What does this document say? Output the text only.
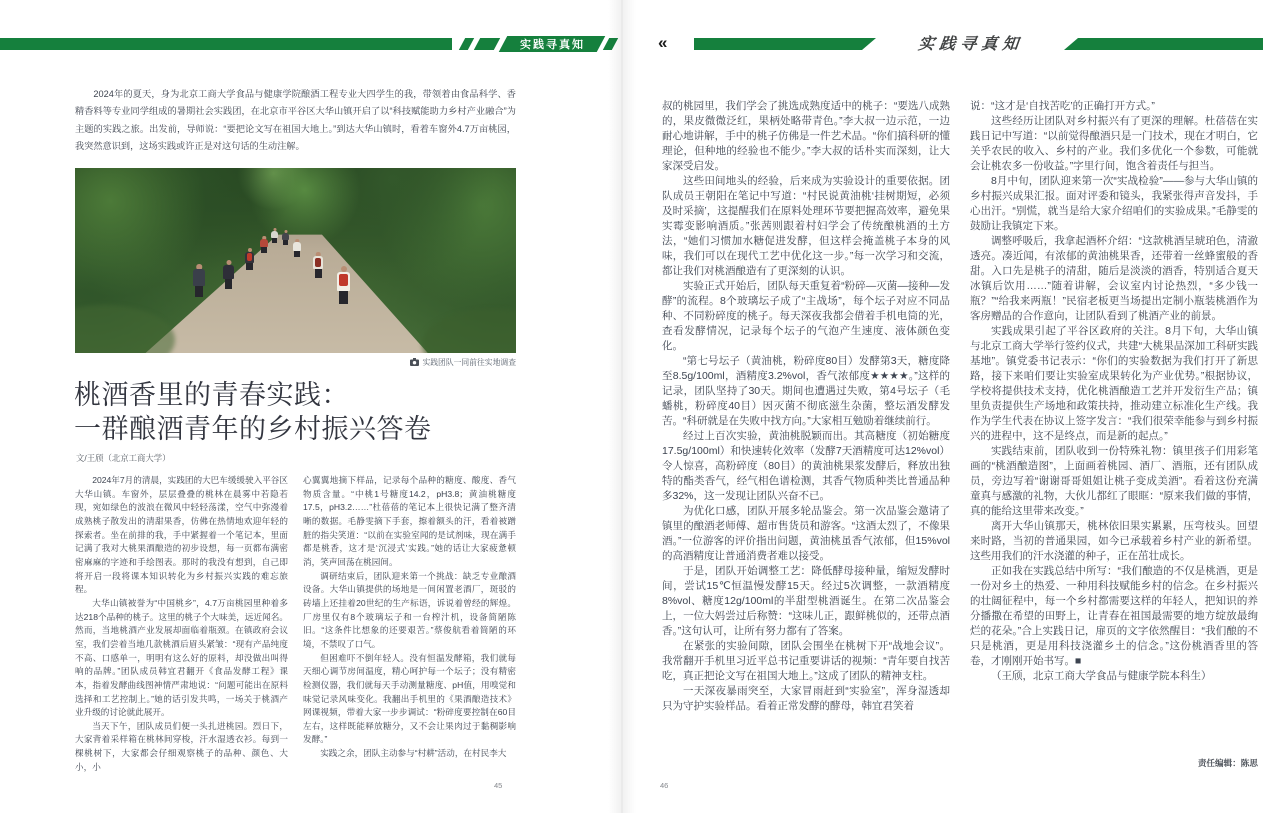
实践寻真知	«	实践寻真知
2024年的夏天，身为北京工商大学食品与健康学院酿酒工程专业大四学生的我，带领着由食品科学、香精香料等专业同学组成的暑期社会实践团，在北京市平谷区大华山镇开启了以“科技赋能助力乡村产业融合”为主题的实践之旅。出发前，导师说：“要把论文写在祖国大地上。”到达大华山镇时，看着车窗外4.7万亩桃园，我突然意识到，这场实践或许正是对这句话的生动注解。
实践团队一同前往实地调查
桃酒香里的青春实践：
一群酿酒青年的乡村振兴答卷
文/王颀（北京工商大学）

2024年7月的清晨，实践团的大巴车缓缓驶入平谷区大华山镇。车窗外，层层叠叠的桃林在晨雾中若隐若现，宛如绿色的波浪在微风中轻轻荡漾，空气中弥漫着成熟桃子散发出的清甜果香，仿佛在热情地欢迎年轻的探索者。坐在前排的我，手中紧握着一个笔记本，里面记满了我对大桃果酒酿造的初步设想，每一页都布满密密麻麻的字迹和手绘图表。那时的我没有想到，自己即将开启一段将课本知识转化为乡村振兴实践的难忘旅程。

大华山镇被誉为“中国桃乡”，4.7万亩桃园里种着多达218个品种的桃子。这里的桃子个大味美，远近闻名。然而，当地桃酒产业发展却面临着瓶颈。在镇政府会议室，我们尝着当地几款桃酒后眉头紧皱：“现有产品纯度不高、口感单一，明明有这么好的原料，却没做出叫得响的品牌。”团队成员韩宜君翻开《食品发酵工程》课本，指着发酵曲线图神情严肃地说：“问题可能出在原料选择和工艺控制上。”她的话引发共鸣，一场关于桃酒产业升级的讨论就此展开。

当天下午，团队成员们便一头扎进桃园。烈日下，大家背着采样箱在桃林间穿梭，汗水湿透衣衫。每到一棵桃树下，大家都会仔细观察桃子的品种、颜色、大小，小

心翼翼地摘下样品，记录每个品种的糖度、酸度、香气物质含量。“中桃1号糖度14.2，pH3.8；黄油桃糖度17.5，pH3.2……”杜蓓蓓的笔记本上很快记满了整齐清晰的数据。毛静雯摘下手套，擦着额头的汗，看着被蹭脏的指尖笑道：“以前在实验室闻的是试剂味，现在满手都是桃香，这才是‘沉浸式’实践。”她的话让大家疲惫顿消，笑声回荡在桃园间。

调研结束后，团队迎来第一个挑战：缺乏专业酿酒设备。大华山镇提供的场地是一间闲置老酒厂，斑驳的砖墙上还挂着20世纪的生产标语，诉说着曾经的辉煌。厂房里仅有8个玻璃坛子和一台榨汁机，设备简陋陈旧。“这条件比想象的还要艰苦。”蔡俊航看着简陋的环境，不禁叹了口气。

但困难吓不倒年轻人。没有恒温发酵箱，我们就每天细心调节房间温度，精心呵护每一个坛子；没有精密检测仪器，我们就每天手动测量糖度、pH值，用嗅觉和味觉记录风味变化。我翻出手机里的《果酒酿造技术》网课视频，带着大家一步步调试：“粉碎度要控制在60目左右，这样既能释放糖分，又不会让果肉过于黏稠影响发酵。”

实践之余，团队主动参与“村耕”活动，在村民李大

叔的桃园里，我们学会了挑选成熟度适中的桃子：“要选八成熟的，果皮微微泛红，果柄处略带青色。”李大叔一边示范，一边耐心地讲解，手中的桃子仿佛是一件艺术品。“你们搞科研的懂理论，但种地的经验也不能少。”李大叔的话朴实而深刻，让大家深受启发。

这些田间地头的经验，后来成为实验设计的重要依据。团队成员王朝阳在笔记中写道：“村民说黄油桃‘挂树期短，必须及时采摘’，这提醒我们在原料处理环节要把握高效率，避免果实霉变影响酒质。”张茜则跟着村妇学会了传统酿桃酒的土方法，“她们习惯加水糖促进发酵，但这样会掩盖桃子本身的风味，我们可以在现代工艺中优化这一步。”每一次学习和交流，都让我们对桃酒酿造有了更深刻的认识。

实验正式开始后，团队每天重复着“粉碎—灭菌—接种—发酵”的流程。8个玻璃坛子成了“主战场”，每个坛子对应不同品种、不同粉碎度的桃子。每天深夜我都会借着手机电筒的光，查看发酵情况，记录每个坛子的气泡产生速度、液体颜色变化。

“第七号坛子（黄油桃，粉碎度80目）发酵第3天，糖度降至8.5g/100ml，酒精度3.2%vol，香气浓郁度★★★★。”这样的记录，团队坚持了30天。期间也遭遇过失败，第4号坛子（毛蟠桃，粉碎度40目）因灭菌不彻底滋生杂菌，整坛酒发酵发苦。“科研就是在失败中找方向。”大家相互勉励着继续前行。

经过上百次实验，黄油桃脱颖而出。其高糖度（初始糖度17.5g/100ml）和快速转化效率（发酵7天酒精度可达12%vol）令人惊喜，高粉碎度（80目）的黄油桃果浆发酵后，释放出独特的酯类香气，经气相色谱检测，其香气物质种类比普通品种多32%，这一发现让团队兴奋不已。

为优化口感，团队开展多轮品鉴会。第一次品鉴会邀请了镇里的酿酒老师傅、超市售货员和游客。“这酒太烈了，不像果酒。”一位游客的评价指出问题，黄油桃虽香气浓郁，但15%vol的高酒精度让普通消费者难以接受。

于是，团队开始调整工艺：降低酵母接种量，缩短发酵时间，尝试15℃恒温慢发酵15天。经过5次调整，一款酒精度8%vol、糖度12g/100ml的半甜型桃酒诞生。在第二次品鉴会上，一位大妈尝过后称赞：“这味儿正，跟鲜桃似的，还带点酒香。”这句认可，让所有努力都有了答案。

在紧张的实验间隙，团队会围坐在桃树下开“战地会议”。我常翻开手机里习近平总书记重要讲话的视频：“青年要自找苦吃，真正把论文写在祖国大地上。”这成了团队的精神支柱。

一天深夜暴雨突至，大家冒雨赶到“实验室”，浑身湿透却只为守护实验样品。看着正常发酵的酵母，韩宜君笑着

说：“这才是‘自找苦吃’的正确打开方式。”

这些经历让团队对乡村振兴有了更深的理解。杜蓓蓓在实践日记中写道：“以前觉得酿酒只是一门技术，现在才明白，它关乎农民的收入、乡村的产业。我们多优化一个参数，可能就会让桃农多一份收益。”字里行间，饱含着责任与担当。

8月中旬，团队迎来第一次“实战检验”——参与大华山镇的乡村振兴成果汇报。面对评委和镜头，我紧张得声音发抖，手心出汗。“别慌，就当是给大家介绍咱们的实验成果。”毛静雯的鼓励让我镇定下来。

调整呼吸后，我拿起酒杯介绍：“这款桃酒呈琥珀色，清澈透亮。凑近闻，有浓郁的黄油桃果香，还带着一丝蜂蜜般的香甜。入口先是桃子的清甜，随后是淡淡的酒香，特别适合夏天冰镇后饮用……”随着讲解，会议室内讨论热烈，“多少钱一瓶？”“给我来两瓶！”民宿老板更当场提出定制小瓶装桃酒作为客房赠品的合作意向，让团队看到了桃酒产业的前景。

实践成果引起了平谷区政府的关注。8月下旬，大华山镇与北京工商大学举行签约仪式，共建“大桃果品深加工科研实践基地”。镇党委书记表示：“你们的实验数据为我们打开了新思路，接下来咱们要让实验室成果转化为产业优势。”根据协议，学校将提供技术支持，优化桃酒酿造工艺并开发衍生产品；镇里负责提供生产场地和政策扶持，推动建立标准化生产线。我作为学生代表在协议上签字发言：“我们很荣幸能参与到乡村振兴的进程中，这不是终点，而是新的起点。”

实践结束前，团队收到一份特殊礼物：镇里孩子们用彩笔画的“桃酒酿造图”，上面画着桃园、酒厂、酒瓶，还有团队成员，旁边写着“谢谢哥哥姐姐让桃子变成美酒”。看着这份充满童真与感激的礼物，大伙儿都红了眼眶：“原来我们做的事情，真的能给这里带来改变。”

离开大华山镇那天，桃林依旧果实累累，压弯枝头。回望来时路，当初的普通果园，如今已承载着乡村产业的新希望。这些用我们的汗水浇灌的种子，正在茁壮成长。

正如我在实践总结中所写：“我们酿造的不仅是桃酒，更是一份对乡土的热爱、一种用科技赋能乡村的信念。在乡村振兴的壮阔征程中，每一个乡村都需要这样的年轻人，把知识的养分播撒在希望的田野上，让青春在祖国最需要的地方绽放最绚烂的花朵。”合上实践日记，扉页的文字依然醒目：“我们酿的不只是桃酒，更是用科技浇灌乡土的信念。”这份桃酒香里的答卷，才刚刚开始书写。■

（王颀，北京工商大学食品与健康学院本科生）

责任编辑：陈思
45	46
